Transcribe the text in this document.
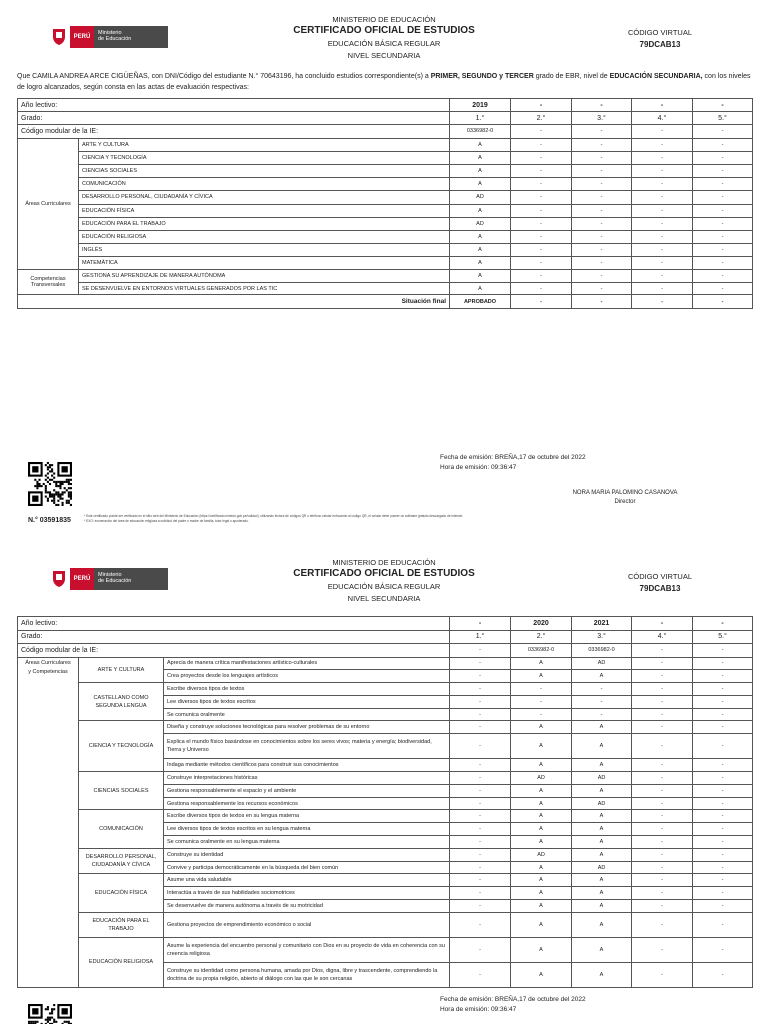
PERÚ
Ministerio
de Educación
MINISTERIO DE EDUCACIÓN
CERTIFICADO OFICIAL DE ESTUDIOS
EDUCACIÓN BÁSICA REGULAR
NIVEL SECUNDARIA
CÓDIGO VIRTUAL
79DCAB13
Que CAMILA ANDREA ARCE CIGÜEÑAS, con DNI/Código del estudiante N.° 70643196, ha concluido estudios correspondiente(s) a PRIMER, SEGUNDO y TERCER grado de EBR, nivel de EDUCACIÓN SECUNDARIA, con los niveles de logro alcanzados, según consta en las actas de evaluación respectivas:
Año lectivo:		2019	-	-	-	-
Grado:		1.°	2.°	3.°	4.°	5.°
Código modular de la IE:		0336982-0	-	-	-	-
Áreas Curriculares	ARTE Y CULTURA	A	-	-	-	-
	CIENCIA Y TECNOLOGÍA	A	-	-	-	-
	CIENCIAS SOCIALES	A	-	-	-	-
	COMUNICACIÓN	A	-	-	-	-
	DESARROLLO PERSONAL, CIUDADANÍA Y CÍVICA	AD	-	-	-	-
	EDUCACIÓN FÍSICA	A	-	-	-	-
	EDUCACIÓN PARA EL TRABAJO	AD	-	-	-	-
	EDUCACIÓN RELIGIOSA	A	-	-	-	-
	INGLÉS	A	-	-	-	-
	MATEMÁTICA	A	-	-	-	-

Competencias
Transversales	GESTIONA SU APRENDIZAJE DE MANERA AUTÓNOMA	A	-	-	-	-
	SE DESENVUELVE EN ENTORNOS VIRTUALES GENERADOS POR LAS TIC	A	-	-	-	-
Situación final		APROBADO	-	-	-	-
Fecha de emisión: BREÑA,17 de octubre del 2022
Hora de emisión: 09:36:47
NORA MARIA PALOMINO CASANOVA
Director
N.° 03591835
* Este certificado puede ser verificado en el sitio web del Ministerio de Educación (https://certificado.minedu.gob.pe/validar/), utilizando lectora de códigos QR o teléfono celular enfocando al código QR, el celular debe poseer un software gratuito descargado de internet.
* EXO: exoneración del área de educación religiosa a solicitud del padre o madre de familia, tutor legal o apoderado.
PERÚ
Ministerio
de Educación
MINISTERIO DE EDUCACIÓN
CERTIFICADO OFICIAL DE ESTUDIOS
EDUCACIÓN BÁSICA REGULAR
NIVEL SECUNDARIA
CÓDIGO VIRTUAL
79DCAB13
Año lectivo:			-	2020	2021	-	-
Grado:			1.°	2.°	3.°	4.°	5.°
Código modular de la IE:			-	0336982-0	0336982-0	-	-

Áreas Curriculares
y Competencias	ARTE Y CULTURA	Aprecia de manera crítica manifestaciones artístico-culturales	-	A	AD	-	-
		Crea proyectos desde los lenguajes artísticos	-	A	A	-	-
	CASTELLANO COMO SEGUNDA LENGUA	Escribe diversos tipos de textos	-	-	-	-	-
		Lee diversos tipos de textos escritos	-	-	-	-	-
		Se comunica oralmente	-	-	-	-	-
	CIENCIA Y TECNOLOGÍA	Diseña y construye soluciones tecnológicas para resolver problemas de su entorno	-	A	A	-	-
		Explica el mundo físico basándose en conocimientos sobre los seres vivos; materia y energía; biodiversidad, Tierra y Universo	-	A	A	-	-
		Indaga mediante métodos científicos para construir sus conocimientos	-	A	A	-	-
	CIENCIAS SOCIALES	Construye interpretaciones históricas	-	AD	AD	-	-
		Gestiona responsablemente el espacio y el ambiente	-	A	A	-	-
		Gestiona responsablemente los recursos económicos	-	A	AD	-	-
	COMUNICACIÓN	Escribe diversos tipos de textos en su lengua materna	-	A	A	-	-
		Lee diversos tipos de textos escritos en su lengua materna	-	A	A	-	-
		Se comunica oralmente en su lengua materna	-	A	A	-	-
	DESARROLLO PERSONAL, CIUDADANÍA Y CÍVICA	Construye su identidad	-	AD	A	-	-
		Convive y participa democráticamente en la búsqueda del bien común	-	A	AD	-	-
	EDUCACIÓN FÍSICA	Asume una vida saludable	-	A	A	-	-
		Interactúa a través de sus habilidades sociomotrices	-	A	A	-	-
		Se desenvuelve de manera autónoma a través de su motricidad	-	A	A	-	-
	EDUCACIÓN PARA EL TRABAJO	Gestiona proyectos de emprendimiento económico o social	-	A	A	-	-
	EDUCACIÓN RELIGIOSA	Asume la experiencia del encuentro personal y comunitario con Dios en su proyecto de vida en coherencia con su creencia religiosa	-	A	A	-	-
		Construye su identidad como persona humana, amada por Dios, digna, libre y trascendente, comprendiendo la doctrina de su propia religión, abierto al diálogo con las que le son cercanas	-	A	A	-	-
Fecha de emisión: BREÑA,17 de octubre del 2022
Hora de emisión: 09:36:47
